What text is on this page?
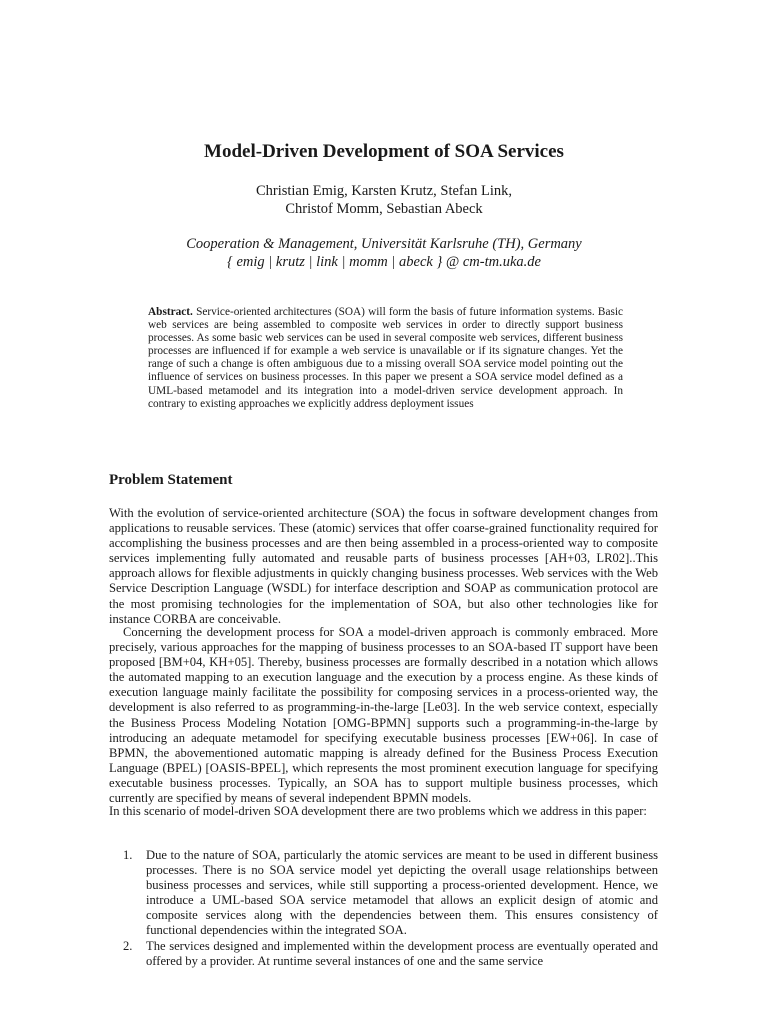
Model-Driven Development of SOA Services
Christian Emig, Karsten Krutz, Stefan Link,
Christof Momm, Sebastian Abeck
Cooperation & Management, Universität Karlsruhe (TH), Germany
{ emig | krutz | link | momm | abeck } @ cm-tm.uka.de
Abstract. Service-oriented architectures (SOA) will form the basis of future information systems. Basic web services are being assembled to composite web services in order to directly support business processes. As some basic web services can be used in several composite web services, different business processes are influenced if for example a web service is unavailable or if its signature changes. Yet the range of such a change is often ambiguous due to a missing overall SOA service model pointing out the influence of services on business processes. In this paper we present a SOA service model defined as a UML-based metamodel and its integration into a model-driven service development approach. In contrary to existing approaches we explicitly address deployment issues
Problem Statement
With the evolution of service-oriented architecture (SOA) the focus in software development changes from applications to reusable services. These (atomic) services that offer coarse-grained functionality required for accomplishing the business processes and are then being assembled in a process-oriented way to composite services implementing fully automated and reusable parts of business processes [AH+03, LR02]..This approach allows for flexible adjustments in quickly changing business processes. Web services with the Web Service Description Language (WSDL) for interface description and SOAP as communication protocol are the most promising technologies for the implementation of SOA, but also other technologies like for instance CORBA are conceivable.
Concerning the development process for SOA a model-driven approach is commonly embraced. More precisely, various approaches for the mapping of business processes to an SOA-based IT support have been proposed [BM+04, KH+05]. Thereby, business processes are formally described in a notation which allows the automated mapping to an execution language and the execution by a process engine. As these kinds of execution language mainly facilitate the possibility for composing services in a process-oriented way, the development is also referred to as programming-in-the-large [Le03]. In the web service context, especially the Business Process Modeling Notation [OMG-BPMN] supports such a programming-in-the-large by introducing an adequate metamodel for specifying executable business processes [EW+06]. In case of BPMN, the abovementioned automatic mapping is already defined for the Business Process Execution Language (BPEL) [OASIS-BPEL], which represents the most prominent execution language for specifying executable business processes. Typically, an SOA has to support multiple business processes, which currently are specified by means of several independent BPMN models.
In this scenario of model-driven SOA development there are two problems which we address in this paper:
1. Due to the nature of SOA, particularly the atomic services are meant to be used in different business processes. There is no SOA service model yet depicting the overall usage relationships between business processes and services, while still supporting a process-oriented development. Hence, we introduce a UML-based SOA service metamodel that allows an explicit design of atomic and composite services along with the dependencies between them. This ensures consistency of functional dependencies within the integrated SOA.
2. The services designed and implemented within the development process are eventually operated and offered by a provider. At runtime several instances of one and the same service
